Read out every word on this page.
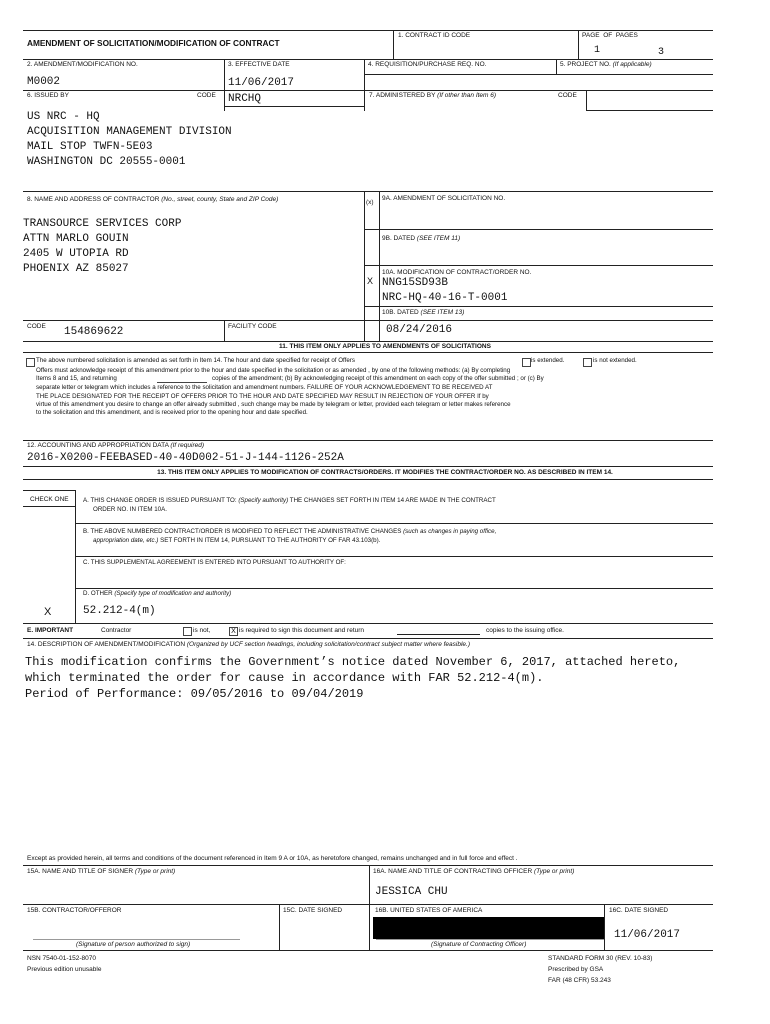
AMENDMENT OF SOLICITATION/MODIFICATION OF CONTRACT
1. CONTRACT ID CODE	PAGE OF PAGES
1	3
2. AMENDMENT/MODIFICATION NO.
M0002
3. EFFECTIVE DATE
11/06/2017
4. REQUISITION/PURCHASE REQ. NO.	5. PROJECT NO. (If applicable)
6. ISSUED BY	CODE NRCHQ	7. ADMINISTERED BY (If other than Item 6)	CODE
US NRC - HQ
ACQUISITION MANAGEMENT DIVISION
MAIL STOP TWFN-5E03
WASHINGTON DC 20555-0001
8. NAME AND ADDRESS OF CONTRACTOR (No., street, county, State and ZIP Code)
TRANSOURCE SERVICES CORP
ATTN MARLO GOUIN
2405 W UTOPIA RD
PHOENIX AZ 85027
(x)
9A. AMENDMENT OF SOLICITATION NO.
9B. DATED (SEE ITEM 11)
10A. MODIFICATION OF CONTRACT/ORDER NO.
X NNG15SD93B
NRC-HQ-40-16-T-0001
10B. DATED (SEE ITEM 13)
CODE 154869622	FACILITY CODE	08/24/2016
11. THIS ITEM ONLY APPLIES TO AMENDMENTS OF SOLICITATIONS
The above numbered solicitation is amended as set forth in Item 14. The hour and date specified for receipt of Offers	is extended.	is not extended.
Offers must acknowledge receipt of this amendment prior to the hour and date specified in the solicitation or as amended , by one of the following methods: (a) By completing
Items 8 and 15, and returning	copies of the amendment; (b) By acknowledging receipt of this amendment on each copy of the offer submitted ; or (c) By
separate letter or telegram which includes a reference to the solicitation and amendment numbers. FAILURE OF YOUR ACKNOWLEDGEMENT TO BE RECEIVED AT
THE PLACE DESIGNATED FOR THE RECEIPT OF OFFERS PRIOR TO THE HOUR AND DATE SPECIFIED MAY RESULT IN REJECTION OF YOUR OFFER If by
virtue of this amendment you desire to change an offer already submitted , such change may be made by telegram or letter, provided each telegram or letter makes reference
to the solicitation and this amendment, and is received prior to the opening hour and date specified.
12. ACCOUNTING AND APPROPRIATION DATA (If required)
2016-X0200-FEEBASED-40-40D002-51-J-144-1126-252A
13. THIS ITEM ONLY APPLIES TO MODIFICATION OF CONTRACTS/ORDERS. IT MODIFIES THE CONTRACT/ORDER NO. AS DESCRIBED IN ITEM 14.
CHECK ONE A. THIS CHANGE ORDER IS ISSUED PURSUANT TO: (Specify authority) THE CHANGES SET FORTH IN ITEM 14 ARE MADE IN THE CONTRACT
ORDER NO. IN ITEM 10A.
B. THE ABOVE NUMBERED CONTRACT/ORDER IS MODIFIED TO REFLECT THE ADMINISTRATIVE CHANGES (such as changes in paying office,
appropriation date, etc.) SET FORTH IN ITEM 14, PURSUANT TO THE AUTHORITY OF FAR 43.103(b).
C. THIS SUPPLEMENTAL AGREEMENT IS ENTERED INTO PURSUANT TO AUTHORITY OF:
D. OTHER (Specify type of modification and authority)
X	52.212-4(m)
E. IMPORTANT	Contractor	is not,	X is required to sign this document and return	copies to the issuing office.
14. DESCRIPTION OF AMENDMENT/MODIFICATION (Organized by UCF section headings, including solicitation/contract subject matter where feasible.)
This modification confirms the Government’s notice dated November 6, 2017, attached hereto,
which terminated the order for cause in accordance with FAR 52.212-4(m).
Period of Performance: 09/05/2016 to 09/04/2019
Except as provided herein, all terms and conditions of the document referenced in Item 9 A or 10A, as heretofore changed, remains unchanged and in full force and effect .
15A. NAME AND TITLE OF SIGNER (Type or print)	16A. NAME AND TITLE OF CONTRACTING OFFICER (Type or print)
JESSICA CHU
15B. CONTRACTOR/OFFEROR	15C. DATE SIGNED	16B. UNITED STATES OF AMERICA	16C. DATE SIGNED
11/06/2017
(Signature of person authorized to sign)	(Signature of Contracting Officer)
NSN 7540-01-152-8070
Previous edition unusable
STANDARD FORM 30 (REV. 10-83)
Prescribed by GSA
FAR (48 CFR) 53.243
